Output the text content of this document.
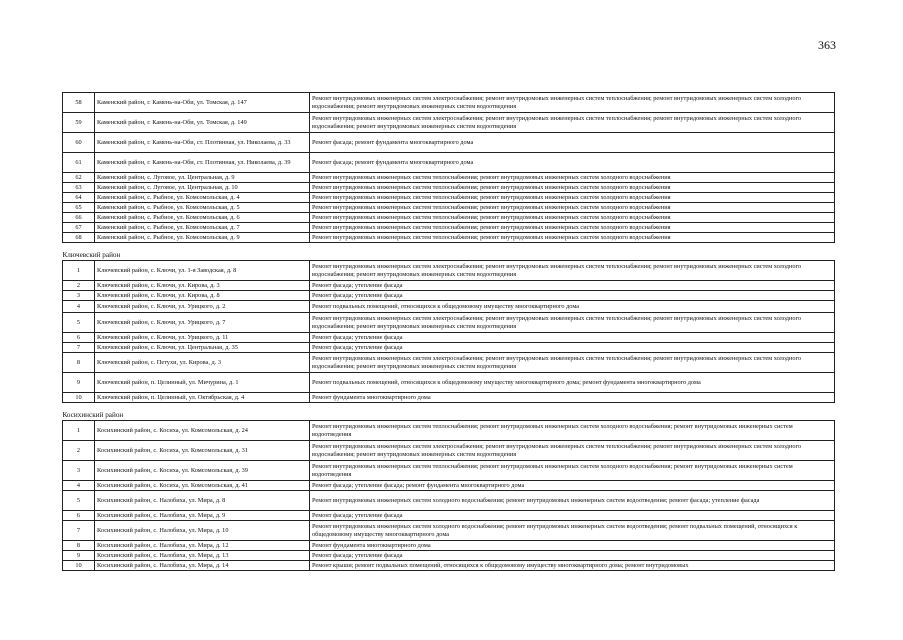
363
58	Каменский район, г. Камень-на-Оби, ул. Томская, д. 147	Ремонт внутридомовых инженерных систем электроснабжения; ремонт внутридомовых инженерных систем теплоснабжения; ремонт внутридомовых инженерных систем холодного водоснабжения; ремонт внутридомовых инженерных систем водоотведения
59	Каменский район, г. Камень-на-Оби, ул. Томская, д. 149	Ремонт внутридомовых инженерных систем электроснабжения; ремонт внутридомовых инженерных систем теплоснабжения; ремонт внутридомовых инженерных систем холодного водоснабжения; ремонт внутридомовых инженерных систем водоотведения
60	Каменский район, г. Камень-на-Оби, ст. Плотинная, ул. Николаева, д. 33	Ремонт фасада; ремонт фундамента многоквартирного дома
61	Каменский район, г. Камень-на-Оби, ст. Плотинная, ул. Николаева, д. 39	Ремонт фасада; ремонт фундамента многоквартирного дома
62	Каменский район, с. Луговое, ул. Центральная, д. 9	Ремонт внутридомовых инженерных систем теплоснабжения; ремонт внутридомовых инженерных систем холодного водоснабжения
63	Каменский район, с. Луговое, ул. Центральная, д. 10	Ремонт внутридомовых инженерных систем теплоснабжения; ремонт внутридомовых инженерных систем холодного водоснабжения
64	Каменский район, с. Рыбное, ул. Комсомольская, д. 4	Ремонт внутридомовых инженерных систем теплоснабжения; ремонт внутридомовых инженерных систем холодного водоснабжения
65	Каменский район, с. Рыбное, ул. Комсомольская, д. 5	Ремонт внутридомовых инженерных систем теплоснабжения; ремонт внутридомовых инженерных систем холодного водоснабжения
66	Каменский район, с. Рыбное, ул. Комсомольская, д. 6	Ремонт внутридомовых инженерных систем теплоснабжения; ремонт внутридомовых инженерных систем холодного водоснабжения
67	Каменский район, с. Рыбное, ул. Комсомольская, д. 7	Ремонт внутридомовых инженерных систем теплоснабжения; ремонт внутридомовых инженерных систем холодного водоснабжения
68	Каменский район, с. Рыбное, ул. Комсомольская, д. 9	Ремонт внутридомовых инженерных систем теплоснабжения; ремонт внутридомовых инженерных систем холодного водоснабжения
Ключевский район		
1	Ключевский район, с. Ключи, ул. 1-я Заводская, д. 8	Ремонт внутридомовых инженерных систем электроснабжения; ремонт внутридомовых инженерных систем теплоснабжения; ремонт внутридомовых инженерных систем холодного водоснабжения; ремонт внутридомовых инженерных систем водоотведения
2	Ключевский район, с. Ключи, ул. Кирова, д. 3	Ремонт фасада; утепление фасада
3	Ключевский район, с. Ключи, ул. Кирова, д. 8	Ремонт фасада; утепление фасада
4	Ключевский район, с. Ключи, ул. Урицкого, д. 2	Ремонт подвальных помещений, относящихся к общедомовому имуществу многоквартирного дома
5	Ключевский район, с. Ключи, ул. Урицкого, д. 7	Ремонт внутридомовых инженерных систем электроснабжения; ремонт внутридомовых инженерных систем теплоснабжения; ремонт внутридомовых инженерных систем холодного водоснабжения; ремонт внутридомовых инженерных систем водоотведения
6	Ключевский район, с. Ключи, ул. Урицкого, д. 11	Ремонт фасада; утепление фасада
7	Ключевский район, с. Ключи, ул. Центральная, д. 35	Ремонт фасада; утепление фасада
8	Ключевский район, с. Петухи, ул. Кирова, д. 3	Ремонт внутридомовых инженерных систем электроснабжения; ремонт внутридомовых инженерных систем теплоснабжения; ремонт внутридомовых инженерных систем холодного водоснабжения; ремонт внутридомовых инженерных систем водоотведения
9	Ключевский район, п. Целинный, ул. Мичурина, д. 1	Ремонт подвальных помещений, относящихся к общедомовому имуществу многоквартирного дома; ремонт фундамента многоквартирного дома
10	Ключевский район, п. Целинный, ул. Октябрьская, д. 4	Ремонт фундамента многоквартирного дома
Косихинский район		
1	Косихинский район, с. Косиха, ул. Комсомольская, д. 24	Ремонт внутридомовых инженерных систем теплоснабжения; ремонт внутридомовых инженерных систем холодного водоснабжения; ремонт внутридомовых инженерных систем водоотведения
2	Косихинский район, с. Косиха, ул. Комсомольская, д. 31	Ремонт внутридомовых инженерных систем электроснабжения; ремонт внутридомовых инженерных систем теплоснабжения; ремонт внутридомовых инженерных систем холодного водоснабжения; ремонт внутридомовых инженерных систем водоотведения
3	Косихинский район, с. Косиха, ул. Комсомольская, д. 39	Ремонт внутридомовых инженерных систем теплоснабжения; ремонт внутридомовых инженерных систем холодного водоснабжения; ремонт внутридомовых инженерных систем водоотведения
4	Косихинский район, с. Косиха, ул. Комсомольская, д. 41	Ремонт фасада; утепление фасада; ремонт фундамента многоквартирного дома
5	Косихинский район, с. Налобиха, ул. Мира, д. 8	Ремонт внутридомовых инженерных систем холодного водоснабжения; ремонт внутридомовых инженерных систем водоотведения; ремонт фасада; утепление фасада
6	Косихинский район, с. Налобиха, ул. Мира, д. 9	Ремонт фасада; утепление фасада
7	Косихинский район, с. Налобиха, ул. Мира, д. 10	Ремонт внутридомовых инженерных систем холодного водоснабжения; ремонт внутридомовых инженерных систем водоотведения; ремонт подвальных помещений, относящихся к общедомовому имуществу многоквартирного дома
8	Косихинский район, с. Налобиха, ул. Мира, д. 12	Ремонт фундамента многоквартирного дома
9	Косихинский район, с. Налобиха, ул. Мира, д. 13	Ремонт фасада; утепление фасада
10	Косихинский район, с. Налобиха, ул. Мира, д. 14	Ремонт крыши; ремонт подвальных помещений, относящихся к общедомовому имуществу многоквартирного дома; ремонт внутридомовых
